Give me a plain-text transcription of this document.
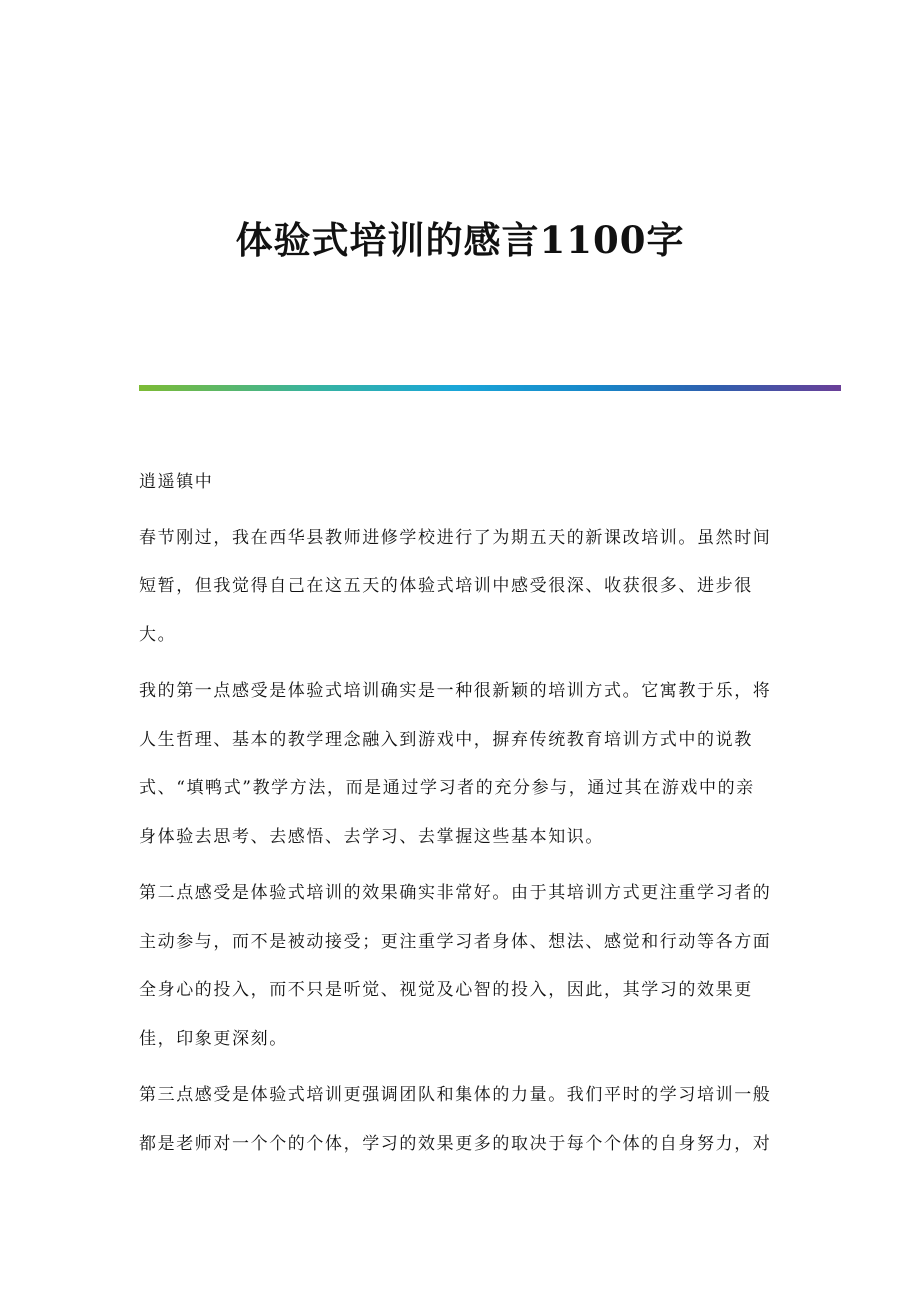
体验式培训的感言1100字

逍遥镇中

春节刚过，我在西华县教师进修学校进行了为期五天的新课改培训。虽然时间短暂，但我觉得自己在这五天的体验式培训中感受很深、收获很多、进步很大。

我的第一点感受是体验式培训确实是一种很新颖的培训方式。它寓教于乐，将人生哲理、基本的教学理念融入到游戏中，摒弃传统教育培训方式中的说教式、“填鸭式”教学方法，而是通过学习者的充分参与，通过其在游戏中的亲身体验去思考、去感悟、去学习、去掌握这些基本知识。

第二点感受是体验式培训的效果确实非常好。由于其培训方式更注重学习者的主动参与，而不是被动接受；更注重学习者身体、想法、感觉和行动等各方面全身心的投入，而不只是听觉、视觉及心智的投入，因此，其学习的效果更佳，印象更深刻。

第三点感受是体验式培训更强调团队和集体的力量。我们平时的学习培训一般都是老师对一个个的个体，学习的效果更多的取决于每个个体的自身努力，对
